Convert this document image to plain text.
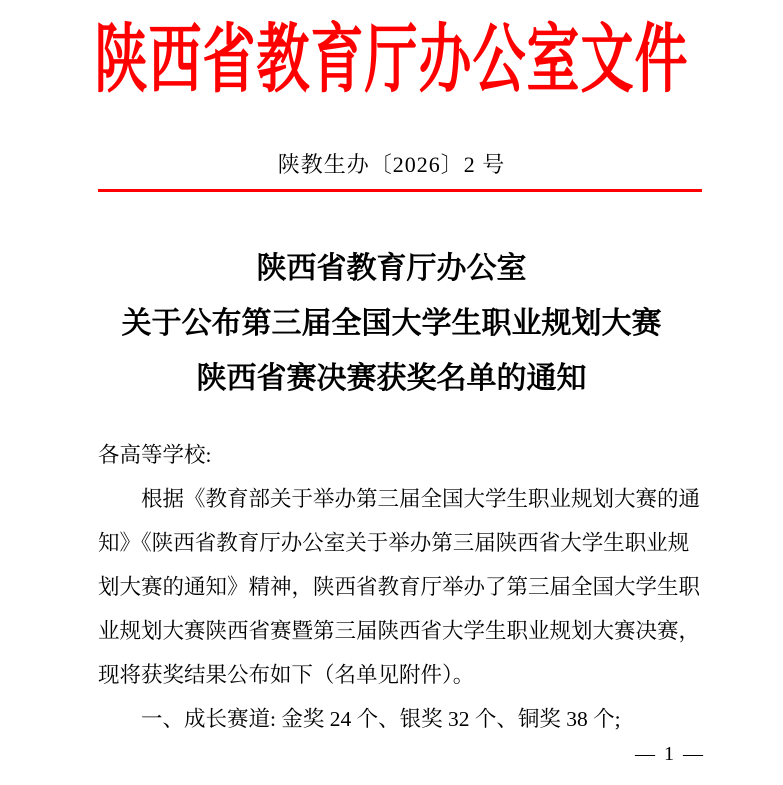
陕西省教育厅办公室文件
陕教生办〔2026〕2 号
陕西省教育厅办公室
关于公布第三届全国大学生职业规划大赛
陕西省赛决赛获奖名单的通知
各高等学校:
根据《教育部关于举办第三届全国大学生职业规划大赛的通
知》《陕西省教育厅办公室关于举办第三届陕西省大学生职业规
划大赛的通知》精神，陕西省教育厅举办了第三届全国大学生职
业规划大赛陕西省赛暨第三届陕西省大学生职业规划大赛决赛，
现将获奖结果公布如下（名单见附件）。
一、成长赛道: 金奖 24 个、银奖 32 个、铜奖 38 个;
— 1 —
